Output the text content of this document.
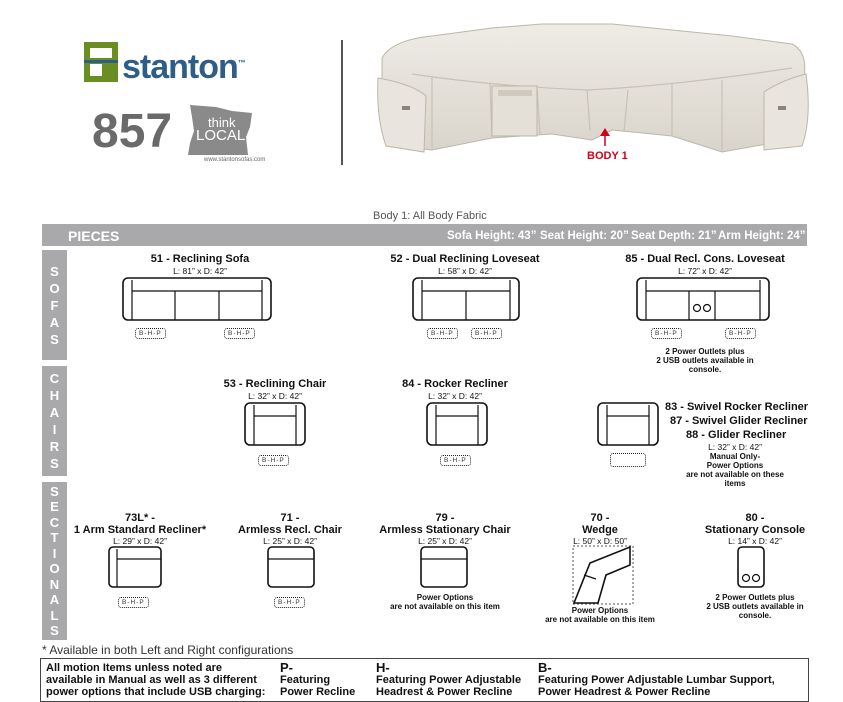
stanton™
857	think
LOCAL
www.stantonsofas.com	BODY 1
Body 1: All Body Fabric
PIECES	Sofa Height: 43” Seat Height: 20” Seat Depth: 21” Arm Height: 24”
S
O
F
A
S
C
H
A
I
R
S
S
E
C
T
I
O
N
A
L
S
51 - Reclining Sofa
L: 81” x D: 42”
B-H-P	B-H-P
52 - Dual Reclining Loveseat
L: 58” x D: 42”
B-H-P	B-H-P
85 - Dual Recl. Cons. Loveseat
L: 72” x D: 42”
B-H-P	B-H-P
2 Power Outlets plus
2 USB outlets available in
console.
53 - Reclining Chair
L: 32” x D: 42”
B-H-P
84 - Rocker Recliner
L: 32” x D: 42”
B-H-P
83 - Swivel Rocker Recliner
87 - Swivel Glider Recliner
88 - Glider Recliner
L: 32” x D: 42”
Manual Only-
Power Options
are not available on these
items
73L* -
1 Arm Standard Recliner*
L: 29” x D: 42”
B-H-P
71 -
Armless Recl. Chair
L: 25” x D: 42”
B-H-P
79 -
Armless Stationary Chair
L: 25” x D: 42”
Power Options
are not available on this item
70 -
Wedge
L: 50” x D: 50”
Power Options
are not available on this item
80 -
Stationary Console
L: 14” x D: 42”
2 Power Outlets plus
2 USB outlets available in
console.
* Available in both Left and Right configurations
All motion Items unless noted are
available in Manual as well as 3 different
power options that include USB charging:
P-
Featuring
Power Recline
H-
Featuring Power Adjustable
Headrest & Power Recline
B-
Featuring Power Adjustable Lumbar Support,
Power Headrest & Power Recline
